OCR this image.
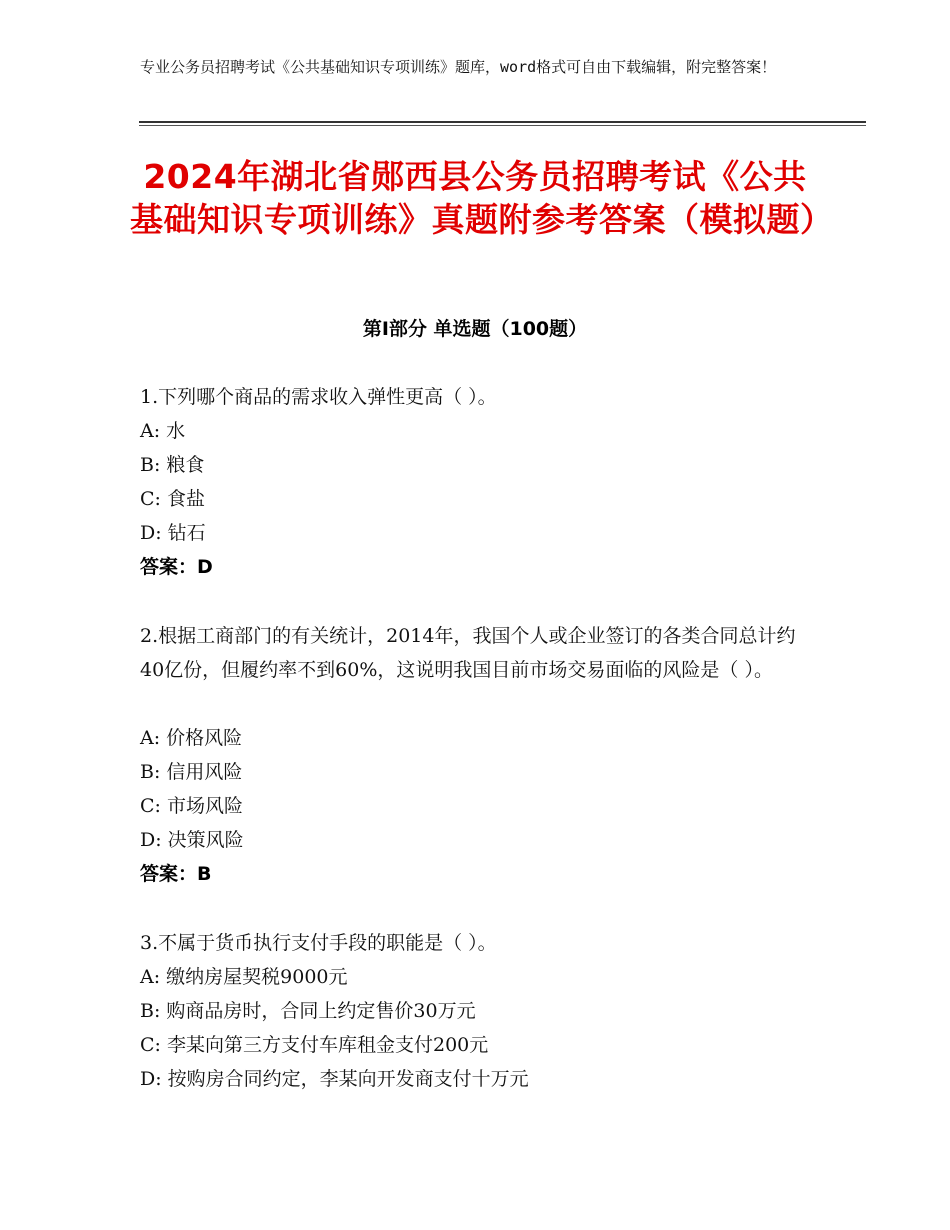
专业公务员招聘考试《公共基础知识专项训练》题库，word格式可自由下载编辑，附完整答案！
2024年湖北省郧西县公务员招聘考试《公共基础知识专项训练》真题附参考答案（模拟题）
第Ⅰ部分 单选题（100题）
1.下列哪个商品的需求收入弹性更高（ ）。
A: 水
B: 粮食
C: 食盐
D: 钻石
答案：D
2.根据工商部门的有关统计，2014年，我国个人或企业签订的各类合同总计约40亿份，但履约率不到60%，这说明我国目前市场交易面临的风险是（ ）。
A: 价格风险
B: 信用风险
C: 市场风险
D: 决策风险
答案：B
3.不属于货币执行支付手段的职能是（ ）。
A: 缴纳房屋契税9000元
B: 购商品房时，合同上约定售价30万元
C: 李某向第三方支付车库租金支付200元
D: 按购房合同约定，李某向开发商支付十万元
